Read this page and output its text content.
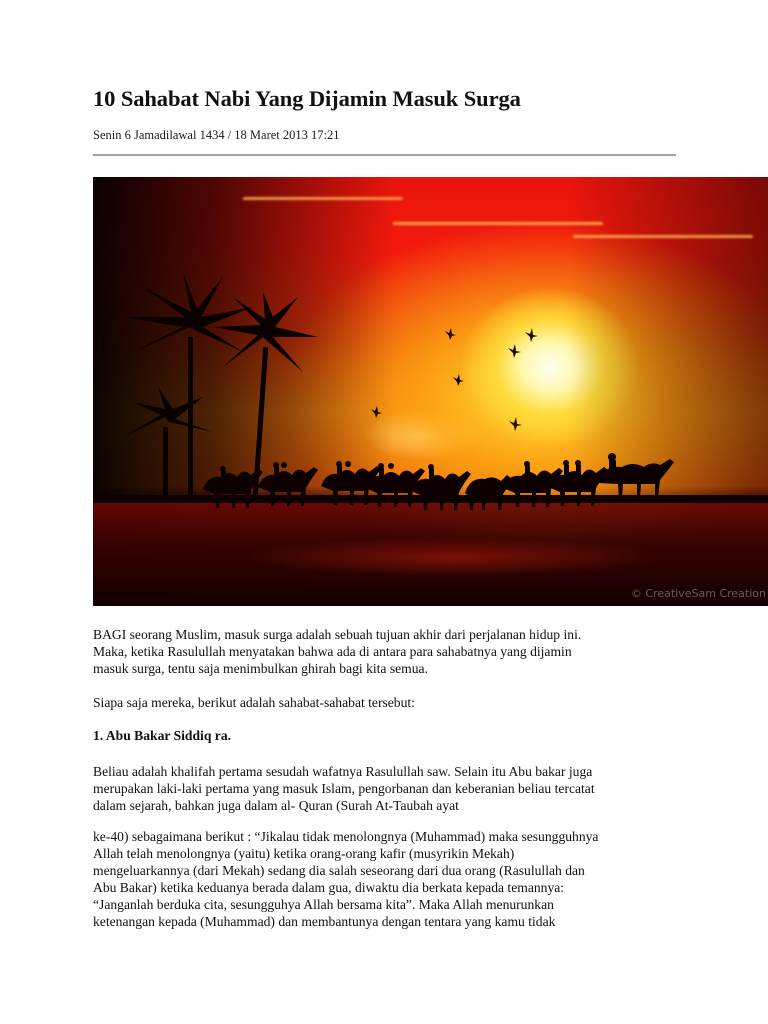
10 Sahabat Nabi Yang Dijamin Masuk Surga
Senin 6 Jamadilawal 1434 / 18 Maret 2013 17:21
© CreativeSam Creation

BAGI seorang Muslim, masuk surga adalah sebuah tujuan akhir dari perjalanan hidup ini.
Maka, ketika Rasulullah menyatakan bahwa ada di antara para sahabatnya yang dijamin
masuk surga, tentu saja menimbulkan ghirah bagi kita semua.

Siapa saja mereka, berikut adalah sahabat-sahabat tersebut:

1. Abu Bakar Siddiq ra.

Beliau adalah khalifah pertama sesudah wafatnya Rasulullah saw. Selain itu Abu bakar juga
merupakan laki-laki pertama yang masuk Islam, pengorbanan dan keberanian beliau tercatat
dalam sejarah, bahkan juga dalam al- Quran (Surah At-Taubah ayat

ke-40) sebagaimana berikut : “Jikalau tidak menolongnya (Muhammad) maka sesungguhnya
Allah telah menolongnya (yaitu) ketika orang-orang kafir (musyrikin Mekah)
mengeluarkannya (dari Mekah) sedang dia salah seseorang dari dua orang (Rasulullah dan
Abu Bakar) ketika keduanya berada dalam gua, diwaktu dia berkata kepada temannya:
“Janganlah berduka cita, sesungguhya Allah bersama kita”. Maka Allah menurunkan
ketenangan kepada (Muhammad) dan membantunya dengan tentara yang kamu tidak
